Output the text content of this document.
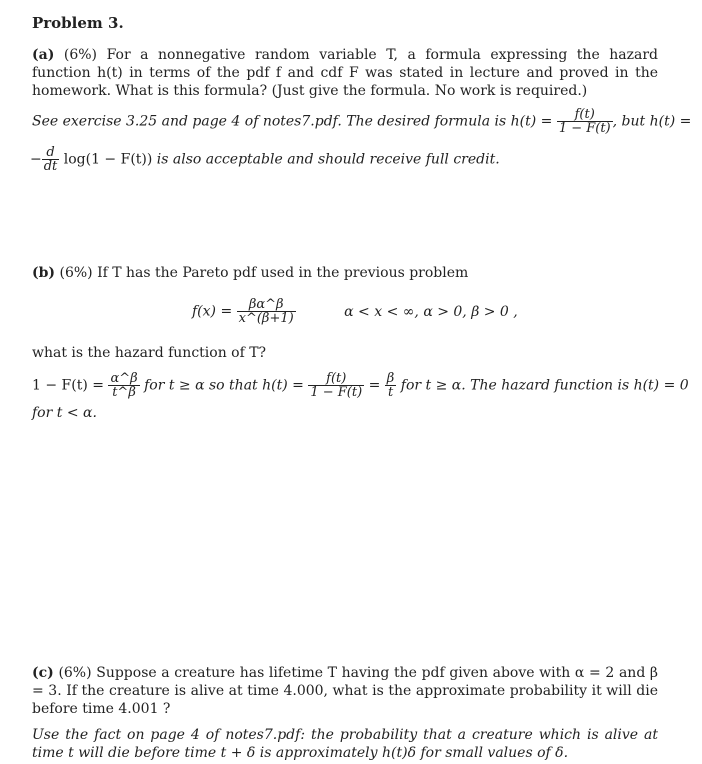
Problem 3.
(a) (6%) For a nonnegative random variable T, a formula expressing the hazard function h(t) in terms of the pdf f and cdf F was stated in lecture and proved in the homework. What is this formula? (Just give the formula. No work is required.)
See exercise 3.25 and page 4 of notes7.pdf. The desired formula is $h(t) = \frac{f(t)}{1 - F(t)}$ , but h(t) =
− $\frac{d}{dt} \log(1 - F(t))$ is also acceptable and should receive full credit.
(b) (6%) If T has the Pareto pdf used in the previous problem
$f(x) = \frac{\beta\alpha\^{}\beta}{x\^{}(\beta+1)}$	α < x < ∞, α > 0, β > 0 ,
what is the hazard function of T?
$1 - F(t) = \frac{\alpha\^{}\beta}{t\^{}\beta}$ for t ≥ α so that $h(t) = \frac{f(t)}{1 - F(t)} = \frac{\beta}{t}$ for t ≥ α. The hazard function is h(t) = 0
for t < α.
(c) (6%) Suppose a creature has lifetime T having the pdf given above with α = 2 and β = 3. If the creature is alive at time 4.000, what is the approximate probability it will die before time 4.001 ?
Use the fact on page 4 of notes7.pdf: the probability that a creature which is alive at time t will die before time t + δ is approximately h(t)δ for small values of δ.
